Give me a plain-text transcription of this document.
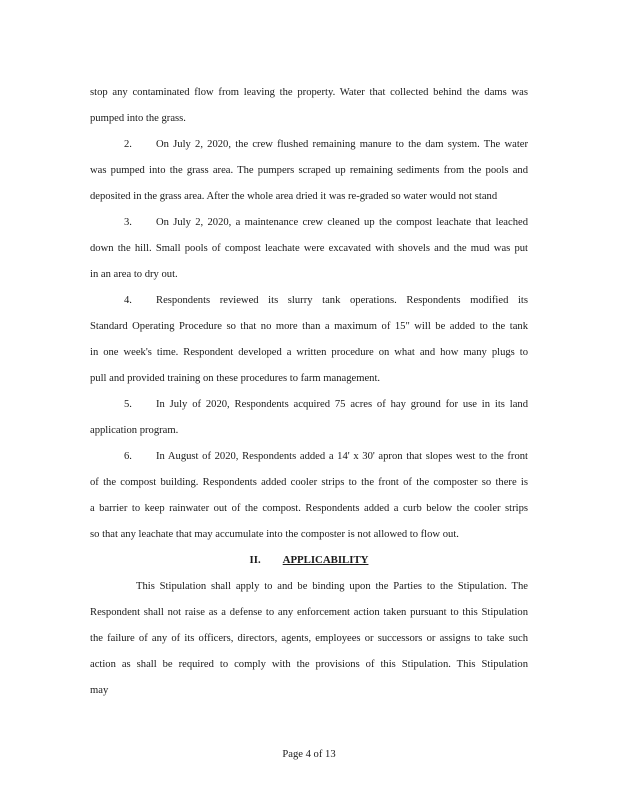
stop any contaminated flow from leaving the property. Water that collected behind the dams was
pumped into the grass.
2. On July 2, 2020, the crew flushed remaining manure to the dam system. The water
was pumped into the grass area. The pumpers scraped up remaining sediments from the pools and
deposited in the grass area. After the whole area dried it was re-graded so water would not stand
3. On July 2, 2020, a maintenance crew cleaned up the compost leachate that leached
down the hill. Small pools of compost leachate were excavated with shovels and the mud was put
in an area to dry out.
4. Respondents reviewed its slurry tank operations. Respondents modified its
Standard Operating Procedure so that no more than a maximum of 15" will be added to the tank
in one week's time. Respondent developed a written procedure on what and how many plugs to
pull and provided training on these procedures to farm management.
5. In July of 2020, Respondents acquired 75 acres of hay ground for use in its land
application program.
6. In August of 2020, Respondents added a 14' x 30' apron that slopes west to the front
of the compost building. Respondents added cooler strips to the front of the composter so there is
a barrier to keep rainwater out of the compost. Respondents added a curb below the cooler strips
so that any leachate that may accumulate into the composter is not allowed to flow out.
II. APPLICABILITY
This Stipulation shall apply to and be binding upon the Parties to the Stipulation. The
Respondent shall not raise as a defense to any enforcement action taken pursuant to this Stipulation
the failure of any of its officers, directors, agents, employees or successors or assigns to take such
action as shall be required to comply with the provisions of this Stipulation. This Stipulation
may
Page 4 of 13
